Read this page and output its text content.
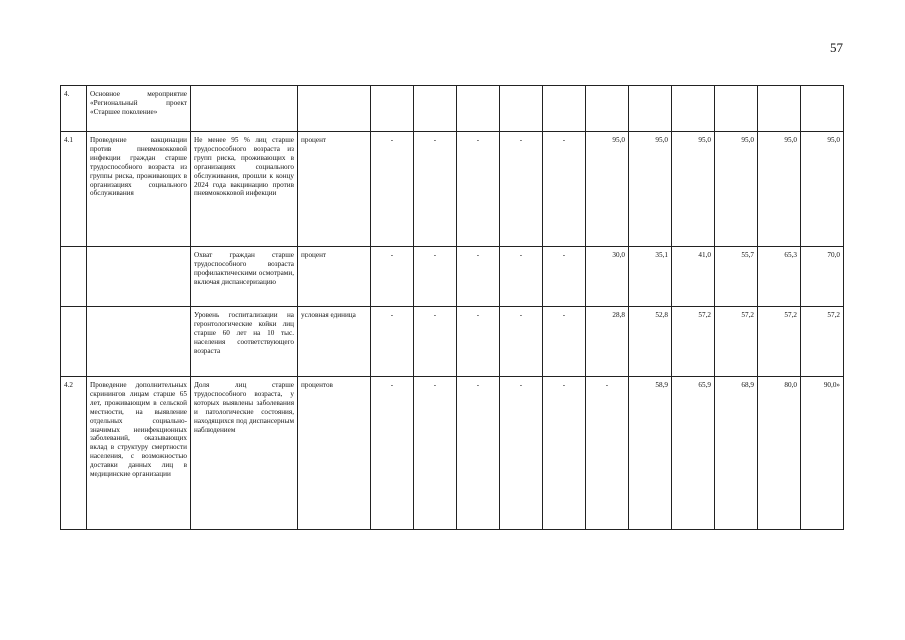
57
4.	Основное мероприятие «Региональный проект «Старшее поколение»													
4.1	Проведение вакцинации против пневмококковой инфекции граждан старше трудоспособного возраста из группы риска, проживающих в организациях социального обслуживания	Не менее 95 % лиц старше трудоспособного возраста из групп риска, проживающих в организациях социального обслуживания, прошли к концу 2024 года вакцинацию против пневмококковой инфекции	процент	-	-	-	-	-	95,0	95,0	95,0	95,0	95,0	95,0
		Охват граждан старше трудоспособного возраста профилактическими осмотрами, включая диспансеризацию	процент	-	-	-	-	-	30,0	35,1	41,0	55,7	65,3	70,0
		Уровень госпитализации на геронтологические койки лиц старше 60 лет на 10 тыс. населения соответствующего возраста	условная единица	-	-	-	-	-	28,8	52,8	57,2	57,2	57,2	57,2
4.2	Проведение дополнительных скринингов лицам старше 65 лет, проживающим в сельской местности, на выявление отдельных социально-значимых неинфекционных заболеваний, оказывающих вклад в структуру смертности населения, с возможностью доставки данных лиц в медицинские организации	Доля лиц старше трудоспособного возраста, у которых выявлены заболевания и патологические состояния, находящихся под диспансерным наблюдением	процентов	-	-	-	-	-	-	58,9	65,9	68,9	80,0	90,0»
